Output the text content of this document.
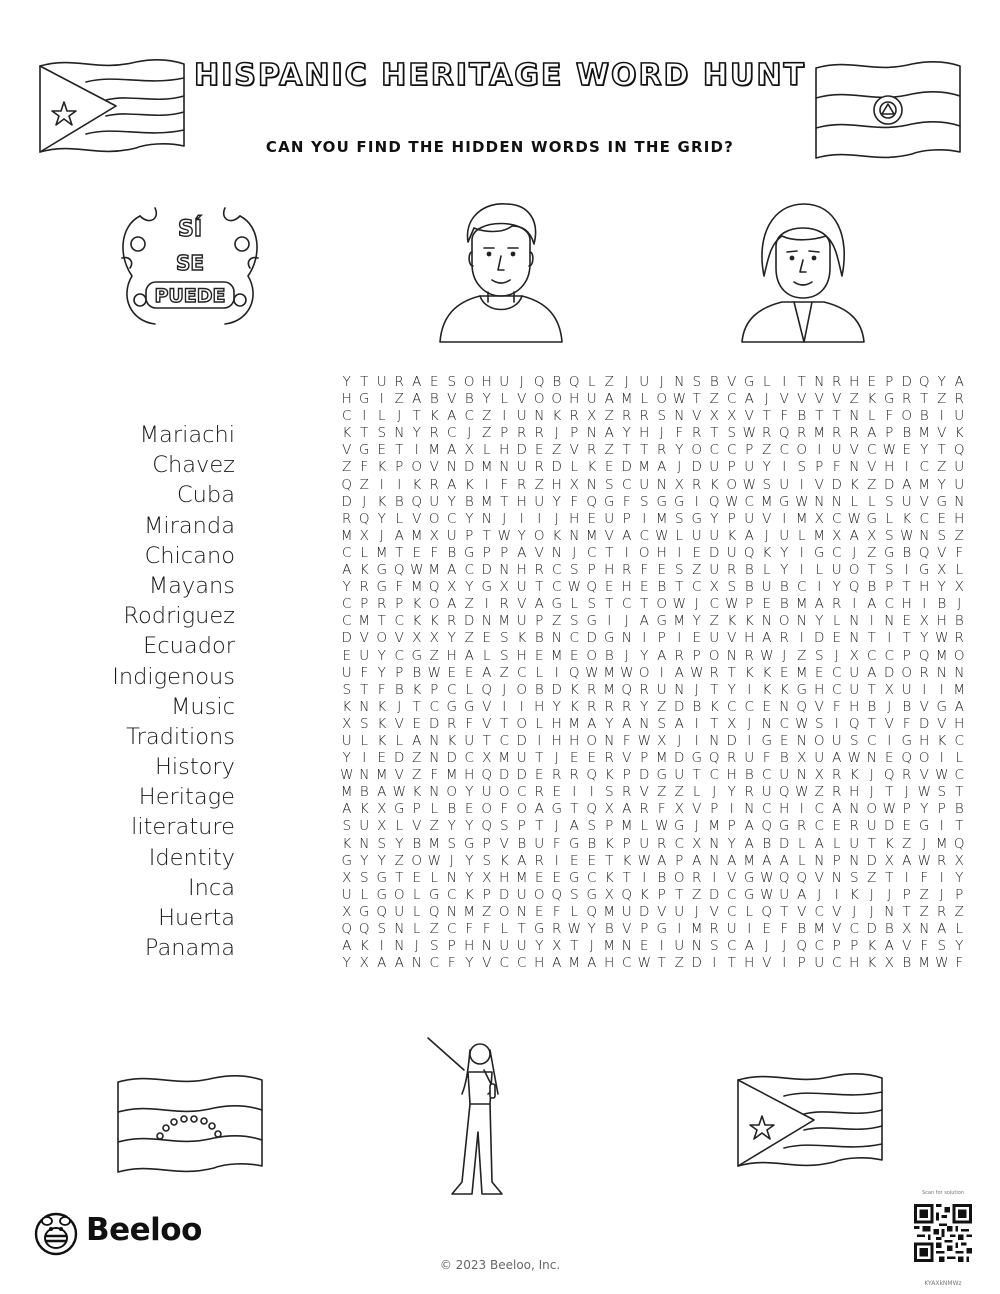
HISPANIC HERITAGE WORD HUNT
CAN YOU FIND THE HIDDEN WORDS IN THE GRID?
SÍ
SE
PUEDE
Mariachi
Chavez
Cuba
Miranda
Chicano
Mayans
Rodriguez
Ecuador
Indigenous
Music
Traditions
History
Heritage
literature
Identity
Inca
Huerta
Panama
Y T U R A E S O H U J Q B Q L Z J U J N S B V G L I T N R H E P D Q Y A
H G I Z A B V B Y L V O O H U A M L O W T Z C A J V V V V Z K G R T Z R
C I L J T K A C Z I U N K R X Z R R S N V X X V T F B T T N L F O B I U
K T S N Y R C J Z P R R J P N A Y H J F R T S W R Q R M R R A P B M V K
V G E T I M A X L H D E Z V R Z T T R Y O C C P Z C O I U V C W E Y T Q
Z F K P O V N D M N U R D L K E D M A J D U P U Y I S P F N V H I C Z U
Q Z I	I K R A K I F R Z H X N S C U N X R K O W S U I V D K Z D A M Y U
D J K B Q U Y B M T H U Y F Q G F S G G I Q W C M G W N N L L S U V G N
R Q Y L V O C Y N J	I	I	J H E U P I M S G Y P U V I M X C W G L K C E H
M X J A M X U P T W Y O K N M V A C W L U U K A J U L M X A X S W N S Z
C L M T E F B G P P A V N J C T I O H I E D U Q K Y I G C J Z G B Q V F
A K G Q W M A C D N H R C S P H R F E S Z U R B L Y I L U O T S I G X L
Y R G F M Q X Y G X U T C W Q E H E B T C X S B U B C I Y Q B P T H Y X
C P R P K O A Z I R V A G L S T C T O W J C W P E B M A R I A C H I B J
C M T C K K R D N M U P Z S G I	J A G M Y Z K K N O N Y L N I N E X H B
D V O V X X Y Z E S K B N C D G N I P I E U V H A R I D E N T I T Y W R
E U Y C G Z H A L S H E M E O B J Y A R P O N R W J Z S J X C C P Q M O
U F Y P B W E E A Z C L I Q W M W O I A W R T K K E M E C U A D O R N N
S T F B K P C L Q J O B D K R M Q R U N J T Y I K K G H C U T X U I	I M
K N K J T C G G V I	I H Y K R R R Y Z D B K C C E N Q V F H B J B V G A
X S K V E D R F V T O L H M A Y A N S A I T X J N C W S I Q T V F D V H
U L K L A N K U T C D I H H O N F W X J	I N D I G E N O U S C I G H K C
Y I E D Z N D C X M U T J E E R V P M D G Q R U F B X U A W N E Q O I L
W N M V Z F M H Q D D E R R Q K P D G U T C H B C U N X R K J Q R V W C
M B A W K N O Y U O C R E I	I S R V Z Z L J Y R U Q W Z R H J T J W S T
A K X G P L B E O F O A G T Q X A R F X V P I N C H I C A N O W P Y P B
S U X L V Z Y Y Q S P T J A S P M L W G J M P A Q G R C E R U D E G I T
K N S Y B M S G P V B U F G B K P U R C X N Y A B D L A L U T K Z J M Q
G Y Y Z O W J Y S K A R I E E T K W A P A N A M A A L N P N D X A W R X
X S G T E L N Y X H M E E G C K T I B O R I V G W Q Q V N S Z T I F I Y
U L G O L G C K P D U O Q S G X Q K P T Z D C G W U A J	I K J	J P Z J P
X G Q U L Q N M Z O N E F L Q M U D V U J V C L Q T V C V J	J N T Z R Z
Q Q S N L Z C F F L T G R W Y B V P G I M R U I E F B M V C D B X N A L
A K I N J S P H N U U Y X T J M N E I U N S C A J	J Q C P P K A V F S Y
Y X A A N C F Y V C C H A M A H C W T Z D I T H V I P U C H K X B M W F
Beeloo
© 2023 Beeloo, Inc.
Scan for solution
KYAXkNMWz
